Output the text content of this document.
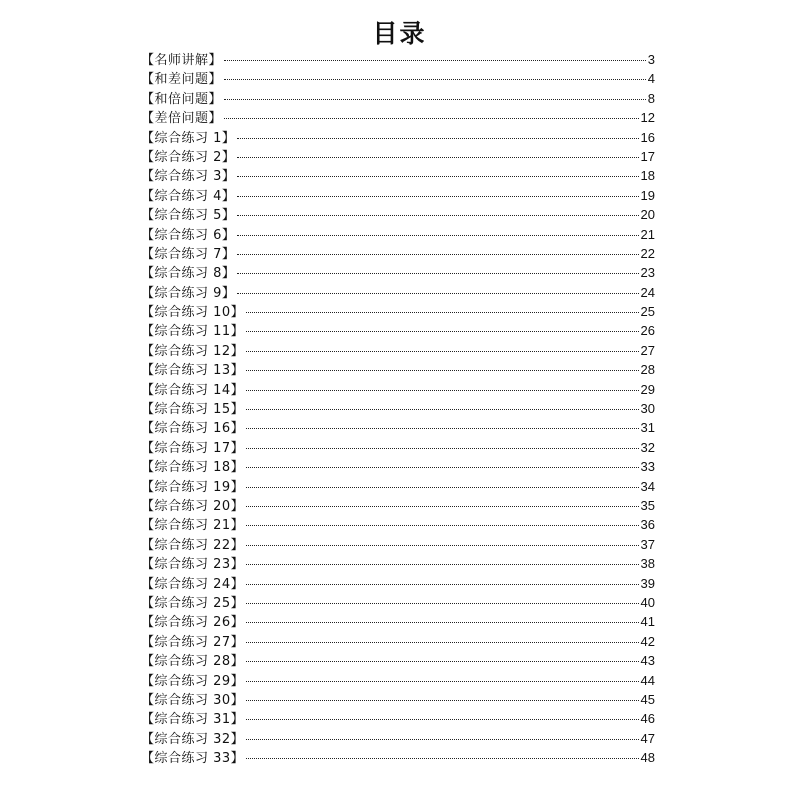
目录
【名师讲解】	3
【和差问题】	4
【和倍问题】	8
【差倍问题】	12
【综合练习 1】	16
【综合练习 2】	17
【综合练习 3】	18
【综合练习 4】	19
【综合练习 5】	20
【综合练习 6】	21
【综合练习 7】	22
【综合练习 8】	23
【综合练习 9】	24
【综合练习 10】	25
【综合练习 11】	26
【综合练习 12】	27
【综合练习 13】	28
【综合练习 14】	29
【综合练习 15】	30
【综合练习 16】	31
【综合练习 17】	32
【综合练习 18】	33
【综合练习 19】	34
【综合练习 20】	35
【综合练习 21】	36
【综合练习 22】	37
【综合练习 23】	38
【综合练习 24】	39
【综合练习 25】	40
【综合练习 26】	41
【综合练习 27】	42
【综合练习 28】	43
【综合练习 29】	44
【综合练习 30】	45
【综合练习 31】	46
【综合练习 32】	47
【综合练习 33】	48
